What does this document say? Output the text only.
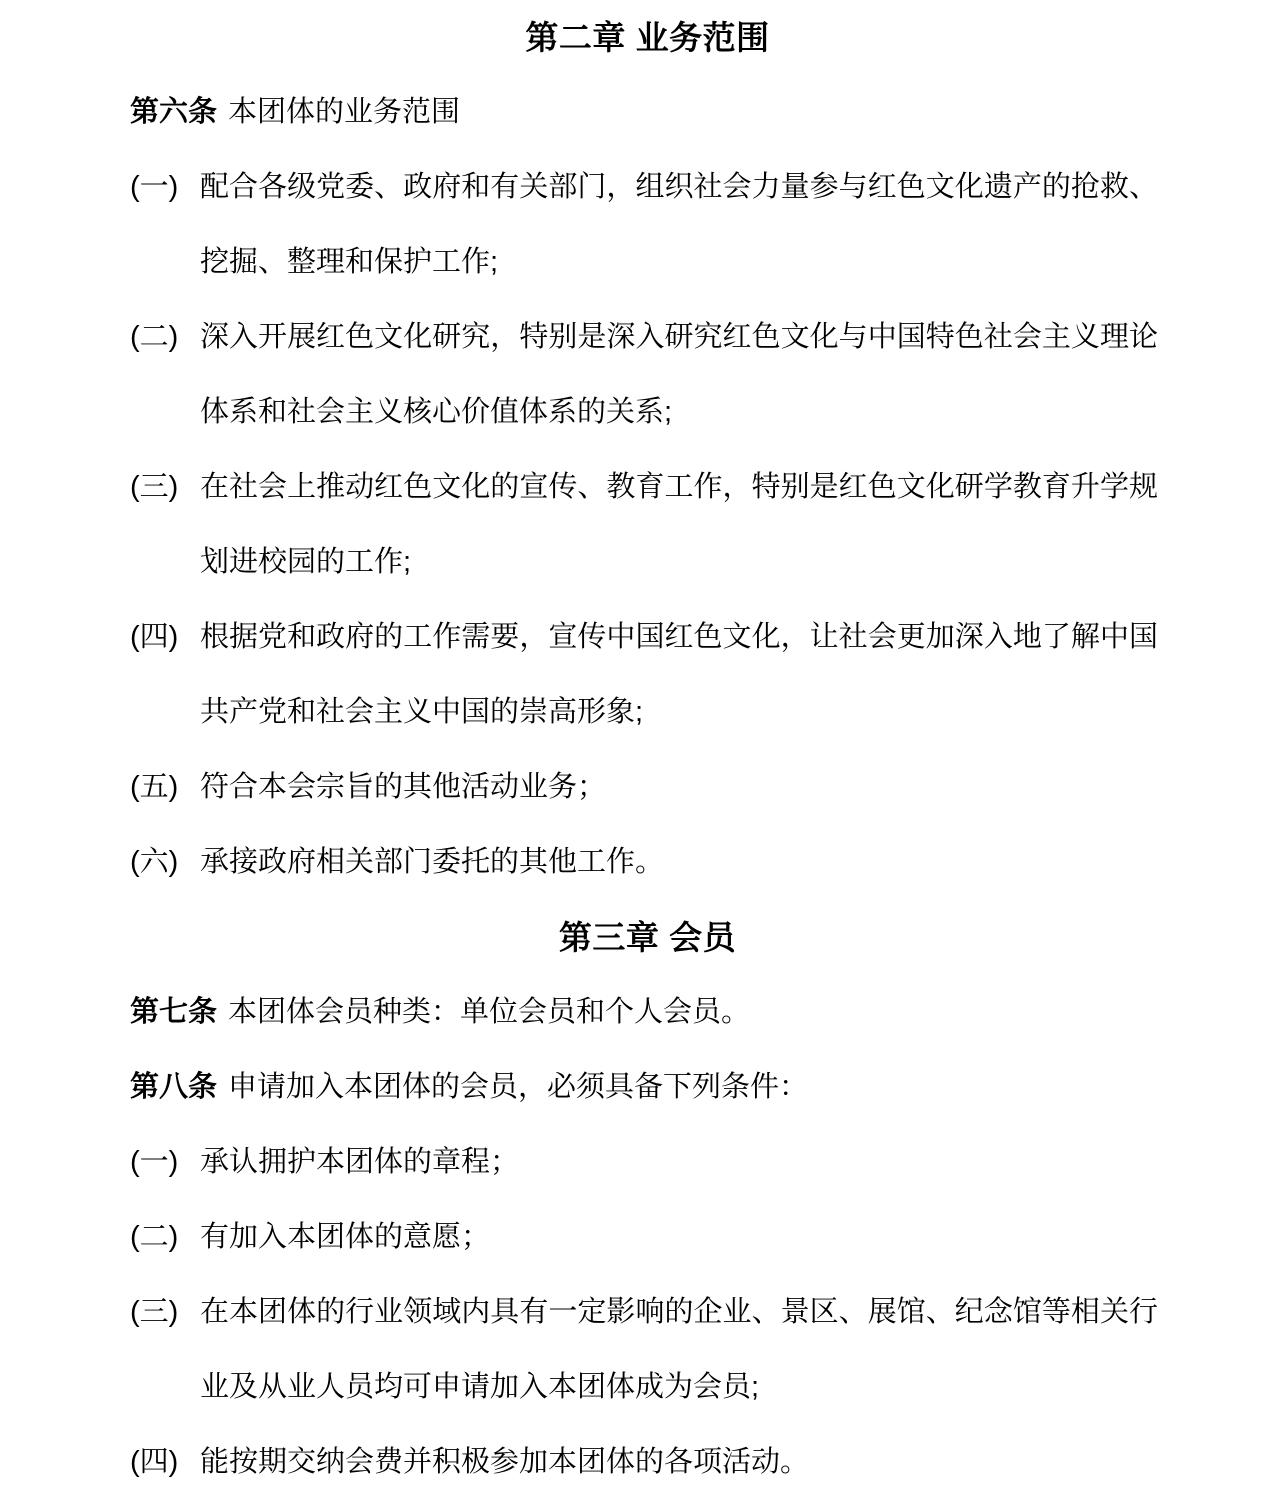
第二章 业务范围

第六条 本团体的业务范围

(一) 配合各级党委、政府和有关部门，组织社会力量参与红色文化遗产的抢救、挖掘、整理和保护工作;
(二) 深入开展红色文化研究，特别是深入研究红色文化与中国特色社会主义理论体系和社会主义核心价值体系的关系;
(三) 在社会上推动红色文化的宣传、教育工作，特别是红色文化研学教育升学规划进校园的工作;
(四) 根据党和政府的工作需要，宣传中国红色文化，让社会更加深入地了解中国共产党和社会主义中国的崇高形象;
(五) 符合本会宗旨的其他活动业务；
(六) 承接政府相关部门委托的其他工作。
第三章 会员

第七条 本团体会员种类：单位会员和个人会员。

第八条 申请加入本团体的会员，必须具备下列条件：

(一) 承认拥护本团体的章程；
(二) 有加入本团体的意愿；
(三) 在本团体的行业领域内具有一定影响的企业、景区、展馆、纪念馆等相关行业及从业人员均可申请加入本团体成为会员;
(四) 能按期交纳会费并积极参加本团体的各项活动。
